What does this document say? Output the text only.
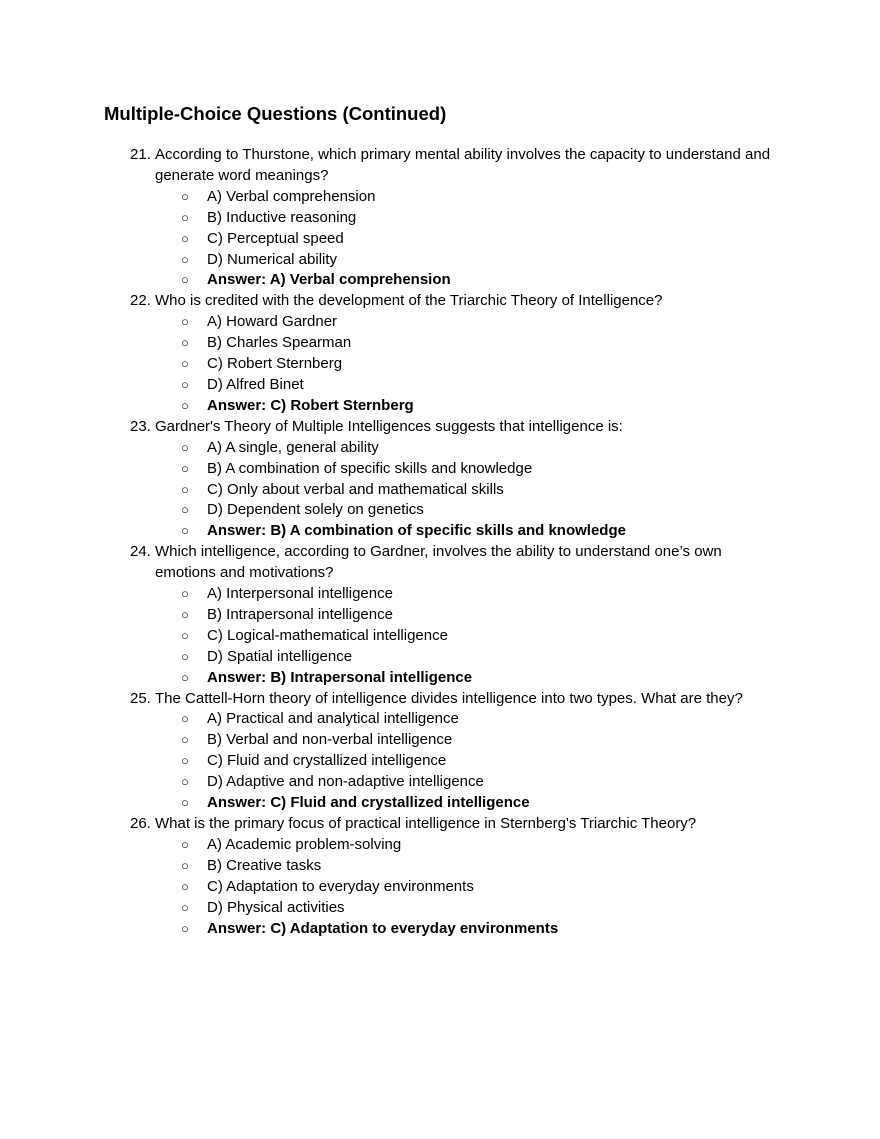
Multiple-Choice Questions (Continued)
21. According to Thurstone, which primary mental ability involves the capacity to understand and generate word meanings?
○ A) Verbal comprehension
○ B) Inductive reasoning
○ C) Perceptual speed
○ D) Numerical ability
○ Answer: A) Verbal comprehension
22. Who is credited with the development of the Triarchic Theory of Intelligence?
○ A) Howard Gardner
○ B) Charles Spearman
○ C) Robert Sternberg
○ D) Alfred Binet
○ Answer: C) Robert Sternberg
23. Gardner's Theory of Multiple Intelligences suggests that intelligence is:
○ A) A single, general ability
○ B) A combination of specific skills and knowledge
○ C) Only about verbal and mathematical skills
○ D) Dependent solely on genetics
○ Answer: B) A combination of specific skills and knowledge
24. Which intelligence, according to Gardner, involves the ability to understand one’s own emotions and motivations?
○ A) Interpersonal intelligence
○ B) Intrapersonal intelligence
○ C) Logical-mathematical intelligence
○ D) Spatial intelligence
○ Answer: B) Intrapersonal intelligence
25. The Cattell-Horn theory of intelligence divides intelligence into two types. What are they?
○ A) Practical and analytical intelligence
○ B) Verbal and non-verbal intelligence
○ C) Fluid and crystallized intelligence
○ D) Adaptive and non-adaptive intelligence
○ Answer: C) Fluid and crystallized intelligence
26. What is the primary focus of practical intelligence in Sternberg's Triarchic Theory?
○ A) Academic problem-solving
○ B) Creative tasks
○ C) Adaptation to everyday environments
○ D) Physical activities
○ Answer: C) Adaptation to everyday environments
